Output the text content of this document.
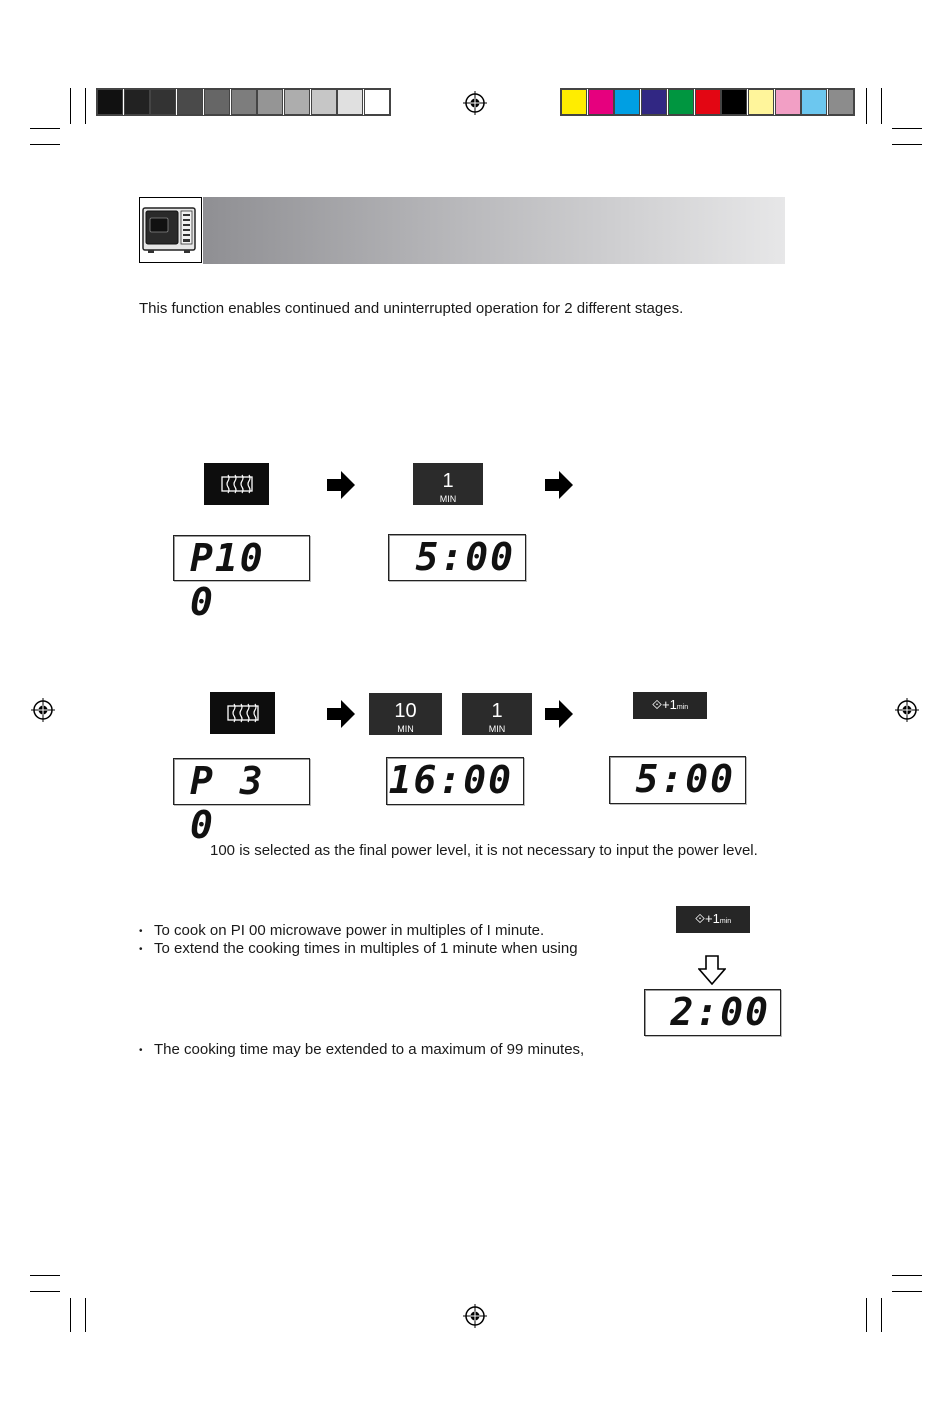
This function enables continued and uninterrupted operation for 2 different stages.
1
MIN
P10 0
5:00
10
MIN
1
MIN
⟐+1min
P 3 0
16:00	5:00
100 is selected as the final power level, it is not necessary to input the power level.
• To cook on PI 00 microwave power in multiples of I minute.
• To extend the cooking times in multiples of 1 minute when using
• The cooking time may be extended to a maximum of 99 minutes,
⟐+1min
2:00
